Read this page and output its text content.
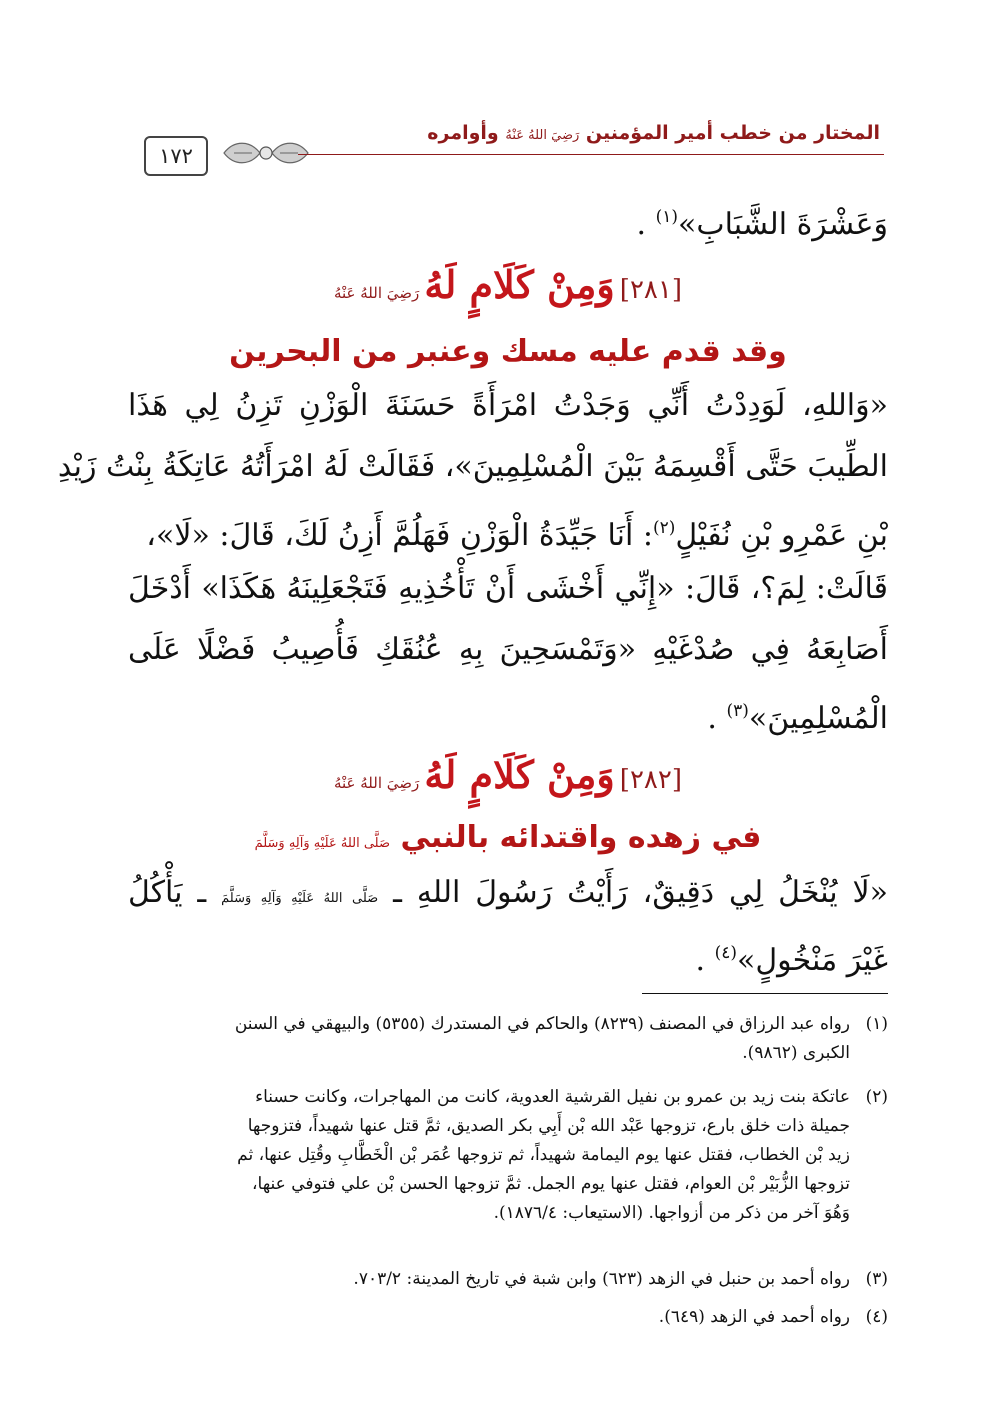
١٧٢
المختار من خطب أمير المؤمنين رَضِيَ اللهُ عَنْهُ وأوامره
وَعَشْرَةَ الشَّبَابِ»$^{(١)}$ .
[٢٨١] وَمِنْ كَلَامٍ لَهُ رَضِيَ اللهُ عَنْهُ
وقد قدم عليه مسك وعنبر من البحرين
«وَاللهِ، لَوَدِدْتُ أَنِّي وَجَدْتُ امْرَأَةً حَسَنَةَ الْوَزْنِ تَزِنُ لِي هَذَا
الطِّيبَ حَتَّى أَقْسِمَهُ بَيْنَ الْمُسْلِمِينَ»، فَقَالَتْ لَهُ امْرَأَتُهُ عَاتِكَةُ بِنْتُ زَيْدِ
بْنِ عَمْرِو بْنِ نُفَيْلٍ$^{(٢)}$: أَنَا جَيِّدَةُ الْوَزْنِ فَهَلُمَّ أَزِنُ لَكَ، قَالَ: «لَا»،
قَالَتْ: لِمَ؟، قَالَ: «إِنِّي أَخْشَى أَنْ تَأْخُذِيهِ فَتَجْعَلِينَهُ هَكَذَا» أَدْخَلَ
أَصَابِعَهُ فِي صُدْغَيْهِ «وَتَمْسَحِينَ بِهِ عُنُقَكِ فَأُصِيبُ فَضْلًا عَلَى
الْمُسْلِمِينَ»$^{(٣)}$ .
[٢٨٢] وَمِنْ كَلَامٍ لَهُ رَضِيَ اللهُ عَنْهُ
في زهده واقتدائه بالنبي صَلَّى اللهُ عَلَيْهِ وَآلِهِ وَسَلَّمَ
«لَا يُنْخَلُ لِي دَقِيقٌ، رَأَيْتُ رَسُولَ اللهِ ـ صَلَّى اللهُ عَلَيْهِ وَآلِهِ وَسَلَّمَ ـ يَأْكُلُ
غَيْرَ مَنْخُولٍ»$^{(٤)}$ .
(١)رواه عبد الرزاق في المصنف (٨٢٣٩) والحاكم في المستدرك (٥٣٥٥) والبيهقي في السنن
الكبرى (٩٨٦٢).
(٢)عاتكة بنت زيد بن عمرو بن نفيل القرشية العدوية، كانت من المهاجرات، وكانت حسناء
جميلة ذات خلق بارع، تزوجها عَبْد الله بْن أَبِي بكر الصديق، ثمَّ قتل عنها شهيداً، فتزوجها
زيد بْن الخطاب، فقتل عنها يوم اليمامة شهيداً، ثم تزوجها عُمَر بْن الْخَطَّابِ وقُتِل عنها، ثم
تزوجها الزُّبَيْر بْن العوام، فقتل عنها يوم الجمل. ثمَّ تزوجها الحسن بْن علي فتوفي عنها،
وَهُوَ آخر من ذكر من أزواجها. (الاستيعاب: ١٨٧٦/٤).
(٣)رواه أحمد بن حنبل في الزهد (٦٢٣) وابن شبة في تاريخ المدينة: ٧٠٣/٢.
(٤)رواه أحمد في الزهد (٦٤٩).
